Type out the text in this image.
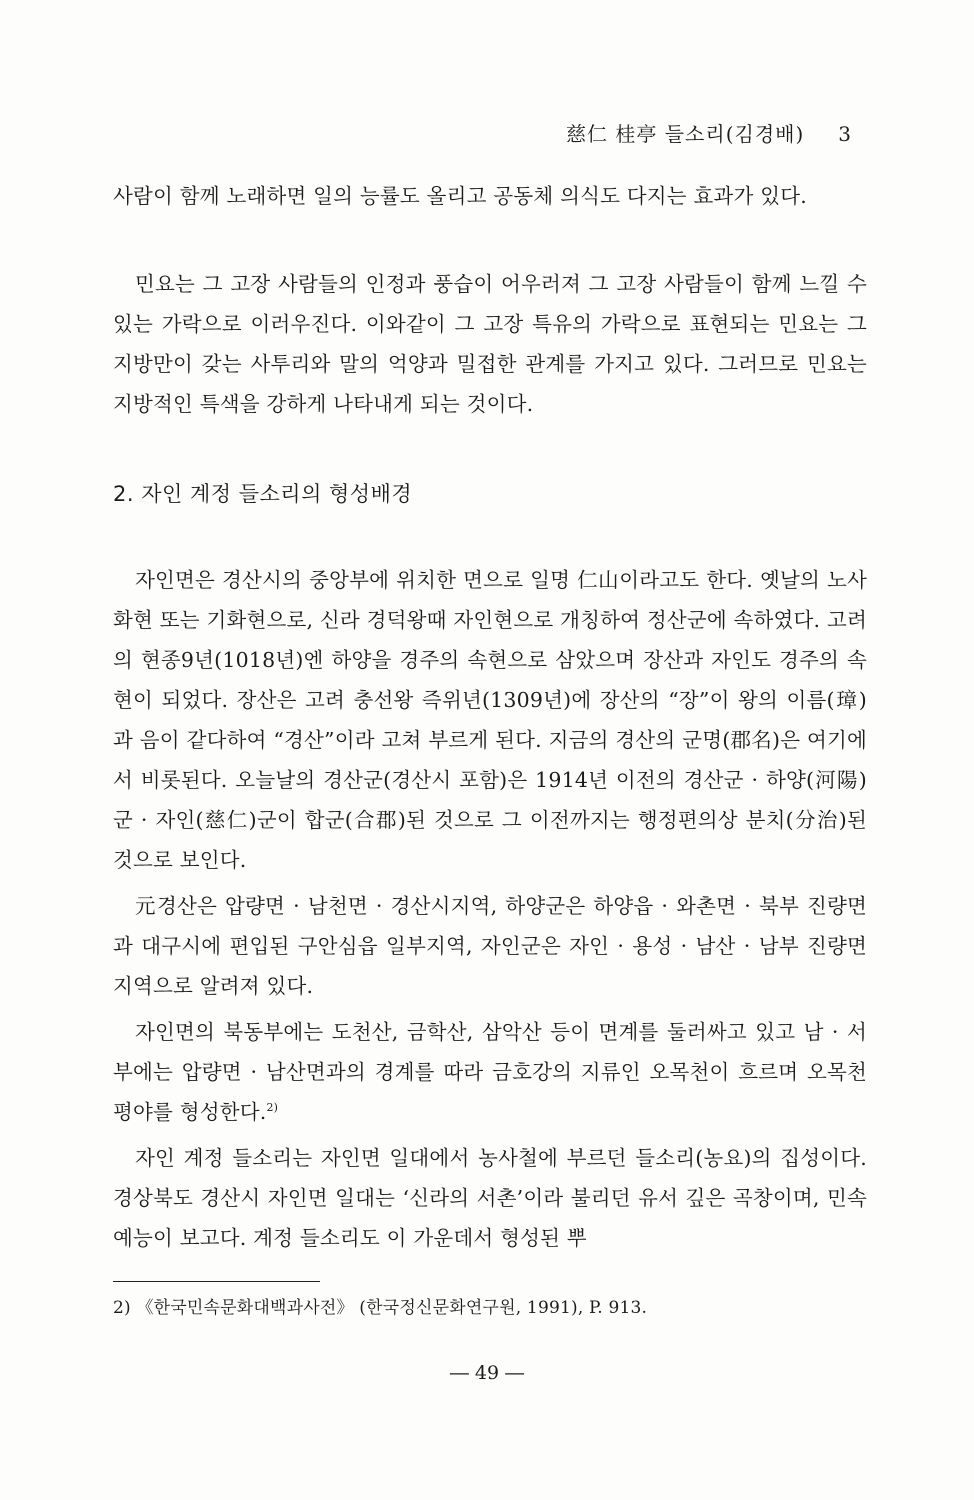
慈仁 桂亭 들소리(김경배) 3

사람이 함께 노래하면 일의 능률도 올리고 공동체 의식도 다지는 효과가 있다.

민요는 그 고장 사람들의 인정과 풍습이 어우러져 그 고장 사람들이 함께 느낄 수 있는 가락으로 이러우진다. 이와같이 그 고장 특유의 가락으로 표현되는 민요는 그 지방만이 갖는 사투리와 말의 억양과 밀접한 관계를 가지고 있다. 그러므로 민요는 지방적인 특색을 강하게 나타내게 되는 것이다.

2. 자인 계정 들소리의 형성배경

자인면은 경산시의 중앙부에 위치한 면으로 일명 仁山이라고도 한다. 옛날의 노사화현 또는 기화현으로, 신라 경덕왕때 자인현으로 개칭하여 정산군에 속하였다. 고려의 현종9년(1018년)엔 하양을 경주의 속현으로 삼았으며 장산과 자인도 경주의 속현이 되었다. 장산은 고려 충선왕 즉위년(1309년)에 장산의 “장”이 왕의 이름(璋)과 음이 같다하여 “경산”이라 고쳐 부르게 된다. 지금의 경산의 군명(郡名)은 여기에서 비롯된다. 오늘날의 경산군(경산시 포함)은 1914년 이전의 경산군 · 하양(河陽)군 · 자인(慈仁)군이 합군(合郡)된 것으로 그 이전까지는 행정편의상 분치(分治)된 것으로 보인다.

元경산은 압량면 · 남천면 · 경산시지역, 하양군은 하양읍 · 와촌면 · 북부 진량면과 대구시에 편입된 구안심읍 일부지역, 자인군은 자인 · 용성 · 남산 · 남부 진량면지역으로 알려져 있다.

자인면의 북동부에는 도천산, 금학산, 삼악산 등이 면계를 둘러싸고 있고 남 · 서부에는 압량면 · 남산면과의 경계를 따라 금호강의 지류인 오목천이 흐르며 오목천 평야를 형성한다.$^{2)}$

자인 계정 들소리는 자인면 일대에서 농사철에 부르던 들소리(농요)의 집성이다. 경상북도 경산시 자인면 일대는 ‘신라의 서촌’이라 불리던 유서 깊은 곡창이며, 민속예능이 보고다. 계정 들소리도 이 가운데서 형성된 뿌

2) 《한국민속문화대백과사전》 (한국정신문화연구원, 1991), P. 913.
― 49 ―
